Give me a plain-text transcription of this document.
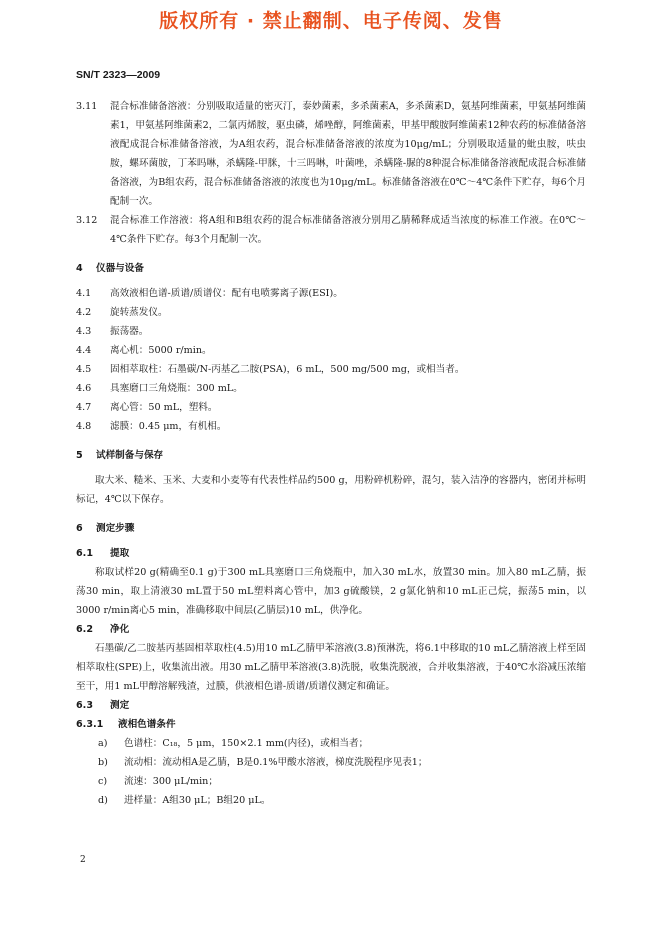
版权所有 · 禁止翻制、电子传阅、发售
SN/T 2323—2009
3.11	混合标准储备溶液：分别吸取适量的密灭汀，泰妙菌素，多杀菌素A，多杀菌素D，氨基阿维菌素，甲氨基阿维菌素1，甲氨基阿维菌素2，二氯丙烯胺，驱虫磷，烯唑醇，阿维菌素，甲基甲酸胺阿维菌素12种农药的标准储备溶液配成混合标准储备溶液，为A组农药，混合标准储备溶液的浓度为10μg/mL；分别吸取适量的蚍虫胺，呋虫胺，螺环菌胺，丁苯吗啉，杀螨隆-甲脒，十三吗啉，叶菌唑，杀螨隆-脲的8种混合标准储备溶液配成混合标准储备溶液，为B组农药，混合标准储备溶液的浓度也为10μg/mL。标准储备溶液在0℃～4℃条件下贮存，每6个月配制一次。
3.12	混合标准工作溶液：将A组和B组农药的混合标准储备溶液分别用乙腈稀释成适当浓度的标准工作液。在0℃～4℃条件下贮存。每3个月配制一次。
4	仪器与设备
4.1	高效液相色谱-质谱/质谱仪：配有电喷雾离子源(ESI)。
4.2	旋转蒸发仪。
4.3	振荡器。
4.4	离心机：5000 r/min。
4.5	固相萃取柱：石墨碳/N-丙基乙二胺(PSA)，6 mL，500 mg/500 mg，或相当者。
4.6	具塞磨口三角烧瓶：300 mL。
4.7	离心管：50 mL，塑料。
4.8	滤膜：0.45 μm，有机相。
5	试样制备与保存

取大米、糙米、玉米、大麦和小麦等有代表性样品约500 g，用粉碎机粉碎，混匀，装入洁净的容器内，密闭并标明标记，4℃以下保存。

6	测定步骤
6.1	提取

称取试样20 g(精确至0.1 g)于300 mL具塞磨口三角烧瓶中，加入30 mL水，放置30 min。加入80 mL乙腈，振荡30 min，取上清液30 mL置于50 mL塑料离心管中，加3 g硫酸镁，2 g氯化钠和10 mL正己烷，振荡5 min，以3000 r/min离心5 min，准确移取中间层(乙腈层)10 mL，供净化。

6.2	净化

石墨碳/乙二胺基丙基固相萃取柱(4.5)用10 mL乙腈甲苯溶液(3.8)预淋洗，将6.1中移取的10 mL乙腈溶液上样至固相萃取柱(SPE)上，收集流出液。用30 mL乙腈甲苯溶液(3.8)洗脱，收集洗脱液，合并收集溶液，于40℃水浴减压浓缩至干，用1 mL甲醇溶解残渣，过膜，供液相色谱-质谱/质谱仪测定和确证。

6.3	测定
6.3.1	液相色谱条件
a)	色谱柱：C₁₈，5 μm，150×2.1 mm(内径)，或相当者；
b)	流动相：流动相A是乙腈，B是0.1%甲酸水溶液，梯度洗脱程序见表1；
c)	流速：300 μL/min；
d)	进样量：A组30 μL；B组20 μL。
2
